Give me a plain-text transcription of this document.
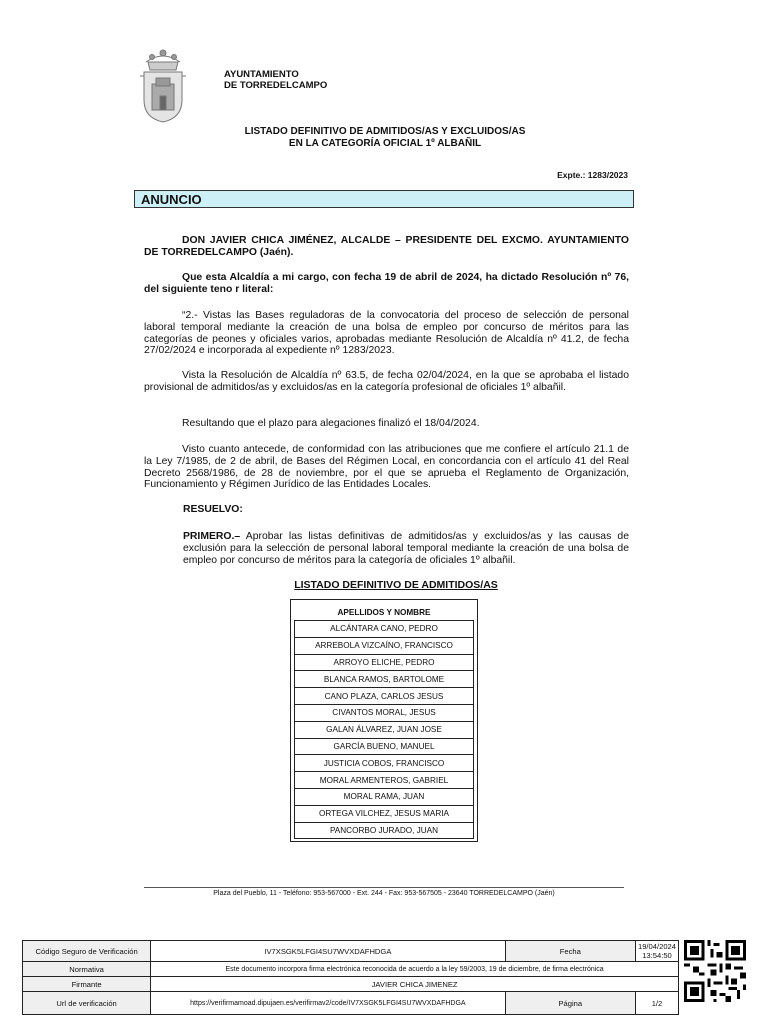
AYUNTAMIENTO
DE TORREDELCAMPO
LISTADO DEFINITIVO DE ADMITIDOS/AS Y EXCLUIDOS/AS
EN LA CATEGORÍA OFICIAL 1º ALBAÑIL
Expte.: 1283/2023
ANUNCIO
DON JAVIER CHICA JIMÉNEZ, ALCALDE – PRESIDENTE DEL EXCMO. AYUNTAMIENTO DE TORREDELCAMPO (Jaén).
Que esta Alcaldía a mi cargo, con fecha 19 de abril de 2024, ha dictado Resolución nº 76, del siguiente teno r literal:
“2.- Vistas las Bases reguladoras de la convocatoria del proceso de selección de personal laboral temporal mediante la creación de una bolsa de empleo por concurso de méritos para las categorías de peones y oficiales varios, aprobadas mediante Resolución de Alcaldía nº 41.2, de fecha 27/02/2024 e incorporada al expediente nº 1283/2023.
Vista la Resolución de Alcaldía nº 63.5, de fecha 02/04/2024, en la que se aprobaba el listado provisional de admitidos/as y excluidos/as en la categoría profesional de oficiales 1º albañil.
Resultando que el plazo para alegaciones finalizó el 18/04/2024.
Visto cuanto antecede, de conformidad con las atribuciones que me confiere el artículo 21.1 de la Ley 7/1985, de 2 de abril, de Bases del Régimen Local, en concordancia con el artículo 41 del Real Decreto 2568/1986, de 28 de noviembre, por el que se aprueba el Reglamento de Organización, Funcionamiento y Régimen Jurídico de las Entidades Locales.
RESUELVO:
PRIMERO.– Aprobar las listas definitivas de admitidos/as y excluidos/as y las causas de exclusión para la selección de personal laboral temporal mediante la creación de una bolsa de empleo por concurso de méritos para la categoría de oficiales 1º albañil.
LISTADO DEFINITIVO DE ADMITIDOS/AS
APELLIDOS Y NOMBRE
ALCÁNTARA CANO, PEDRO
ARREBOLA VIZCAÍNO, FRANCISCO
ARROYO ELICHE, PEDRO
BLANCA RAMOS, BARTOLOME
CANO PLAZA, CARLOS JESUS
CIVANTOS MORAL, JESUS
GALAN ÁLVAREZ, JUAN JOSE
GARCÍA BUENO, MANUEL
JUSTICIA COBOS, FRANCISCO
MORAL ARMENTEROS, GABRIEL
MORAL RAMA, JUAN
ORTEGA VILCHEZ, JESUS MARIA
PANCORBO JURADO, JUAN
Plaza del Pueblo, 11 - Teléfono: 953-567000 - Ext. 244 - Fax: 953-567505 - 23640 TORREDELCAMPO (Jaén)
Código Seguro de Verificación	IV7XSGK5LFGI4SU7WVXDAFHDGA	Fecha	19/04/2024 13:54:50
Normativa	Este documento incorpora firma electrónica reconocida de acuerdo a la ley 59/2003, 19 de diciembre, de firma electrónica		
Firmante	JAVIER CHICA JIMENEZ		
Url de verificación	https://verifirmamoad.dipujaen.es/verifirmav2/code/IV7XSGK5LFGI4SU7WVXDAFHDGA	Página	1/2
